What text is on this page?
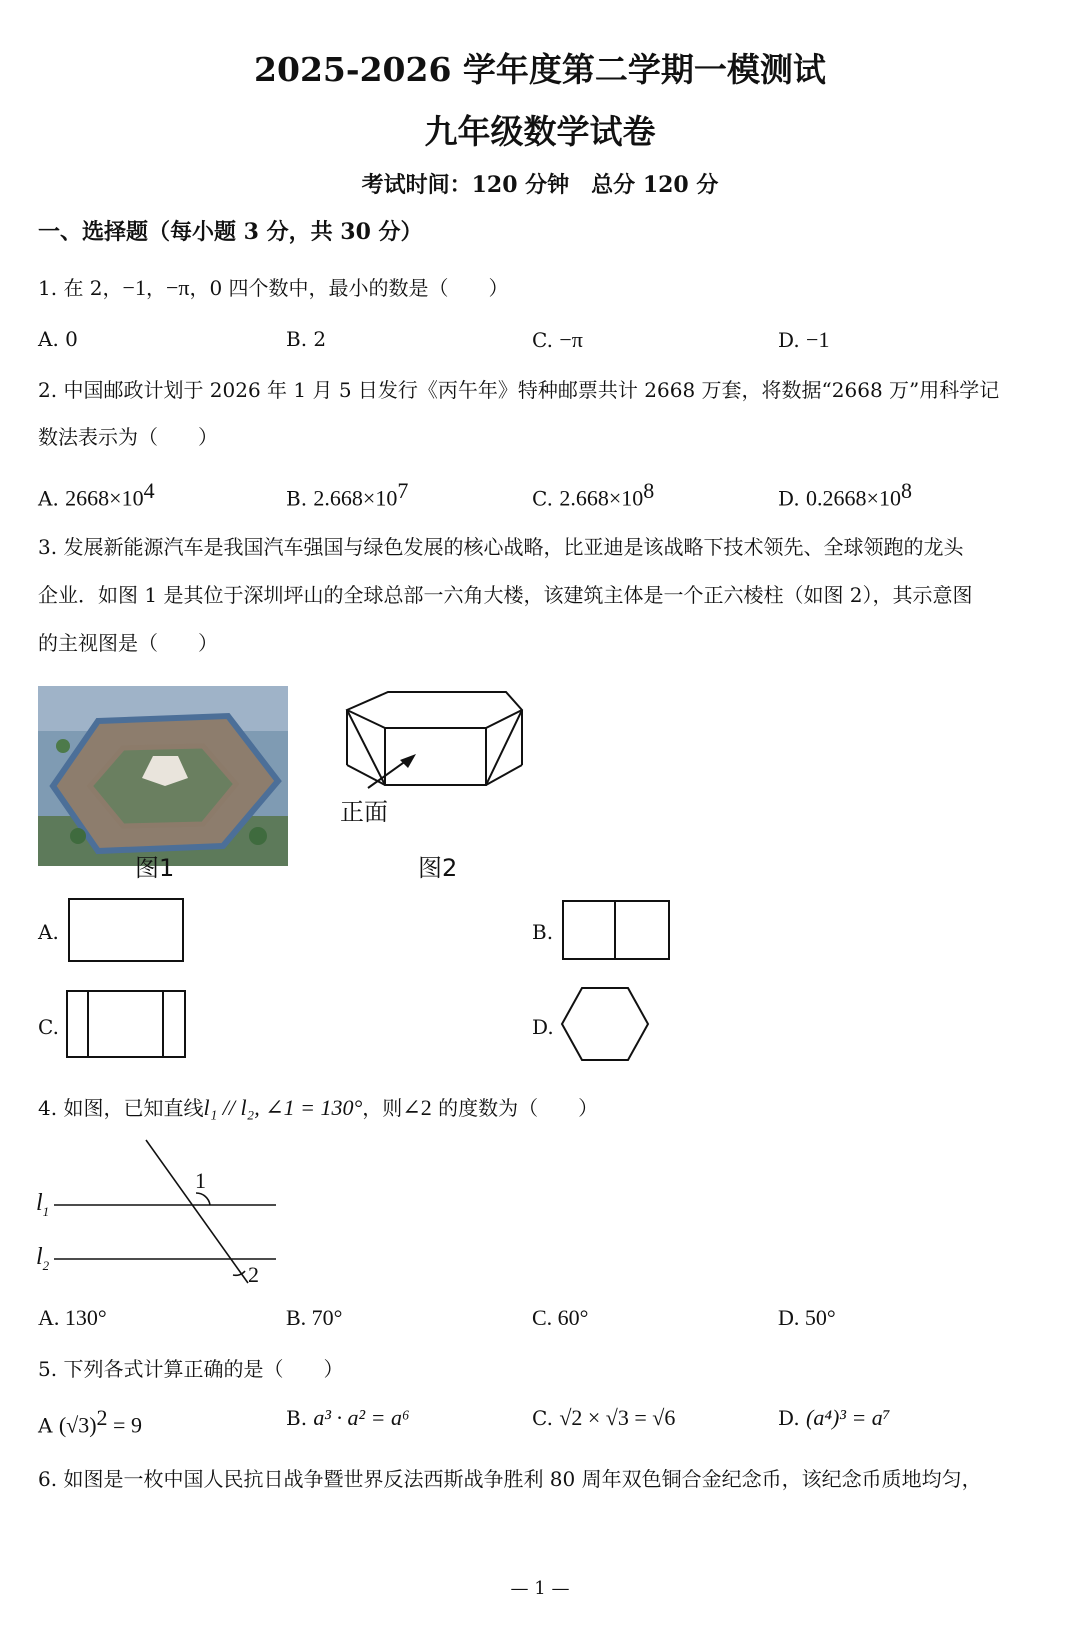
2025-2026 学年度第二学期一模测试
九年级数学试卷
考试时间：120 分钟　总分 120 分
一、选择题（每小题 3 分，共 30 分）
1. 在 2，−1，−π，0 四个数中，最小的数是（　　）
A. 0	B. 2	C. −π	D. −1
2. 中国邮政计划于 2026 年 1 月 5 日发行《丙午年》特种邮票共计 2668 万套，将数据“2668 万”用科学记
数法表示为（　　）
A. $2668\times 10^4$	B. $2.668\times 10^7$	C. $2.668\times 10^8$	D. $0.2668\times 10^8$
3. 发展新能源汽车是我国汽车强国与绿色发展的核心战略，比亚迪是该战略下技术领先、全球领跑的龙头
企业．如图 1 是其位于深圳坪山的全球总部一六角大楼，该建筑主体是一个正六棱柱（如图 2），其示意图
的主视图是（　　）
图1
正面
图2
A.	B.
C.	D.
4. 如图，已知直线l₁ // l₂, ∠1 = 130°，则∠2 的度数为（　　）
$l_1$
$l_2$
1
2
A. 130°	B. 70°	C. 60°	D. 50°
5. 下列各式计算正确的是（　　）
A $(√3)^2 = 9$	B. a³ · a² = a⁶	C. √2 × √3 = √6	D. (a⁴)³ = a⁷
6. 如图是一枚中国人民抗日战争暨世界反法西斯战争胜利 80 周年双色铜合金纪念币，该纪念币质地均匀，
— 1 —
